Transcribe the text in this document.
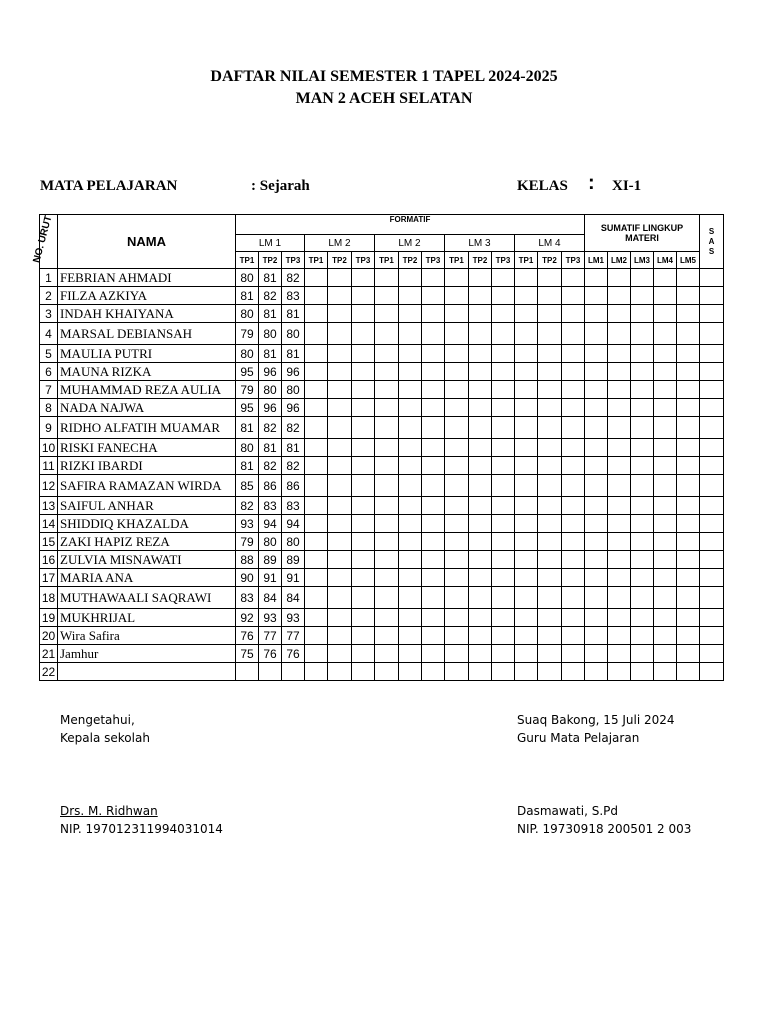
DAFTAR NILAI SEMESTER 1 TAPEL 2024-2025
MAN 2 ACEH SELATAN
MATA PELAJARAN	: Sejarah	KELAS : XI-1
NO. URUT	NAMA	FORMATIF															SUMATIF LINGKUP MATERI					S A S
		LM 1			LM 2			LM 2			LM 3			LM 4								
		TP1	TP2	TP3	TP1	TP2	TP3	TP1	TP2	TP3	TP1	TP2	TP3	TP1	TP2	TP3	LM1	LM2	LM3	LM4	LM5	
1	FEBRIAN AHMADI	80	81	82																		
2	FILZA AZKIYA	81	82	83																		
3	INDAH KHAIYANA	80	81	81																		
4	MARSAL DEBIANSAH	79	80	80																		
5	MAULIA PUTRI	80	81	81																		
6	MAUNA RIZKA	95	96	96																		
7	MUHAMMAD REZA AULIA	79	80	80																		
8	NADA NAJWA	95	96	96																		
9	RIDHO ALFATIH MUAMAR	81	82	82																		
10	RISKI FANECHA	80	81	81																		
11	RIZKI IBARDI	81	82	82																		
12	SAFIRA RAMAZAN WIRDA	85	86	86																		
13	SAIFUL ANHAR	82	83	83																		
14	SHIDDIQ KHAZALDA	93	94	94																		
15	ZAKI HAPIZ REZA	79	80	80																		
16	ZULVIA MISNAWATI	88	89	89																		
17	MARIA ANA	90	91	91																		
18	MUTHAWAALI SAQRAWI	83	84	84																		
19	MUKHRIJAL	92	93	93																		
20	Wira Safira	76	77	77																		
21	Jamhur	75	76	76																		
22																						
Mengetahui,
Kepala sekolah
Drs. M. Ridhwan
NIP. 197012311994031014
Suaq Bakong, 15 Juli 2024
Guru Mata Pelajaran
Dasmawati, S.Pd
NIP. 19730918 200501 2 003
